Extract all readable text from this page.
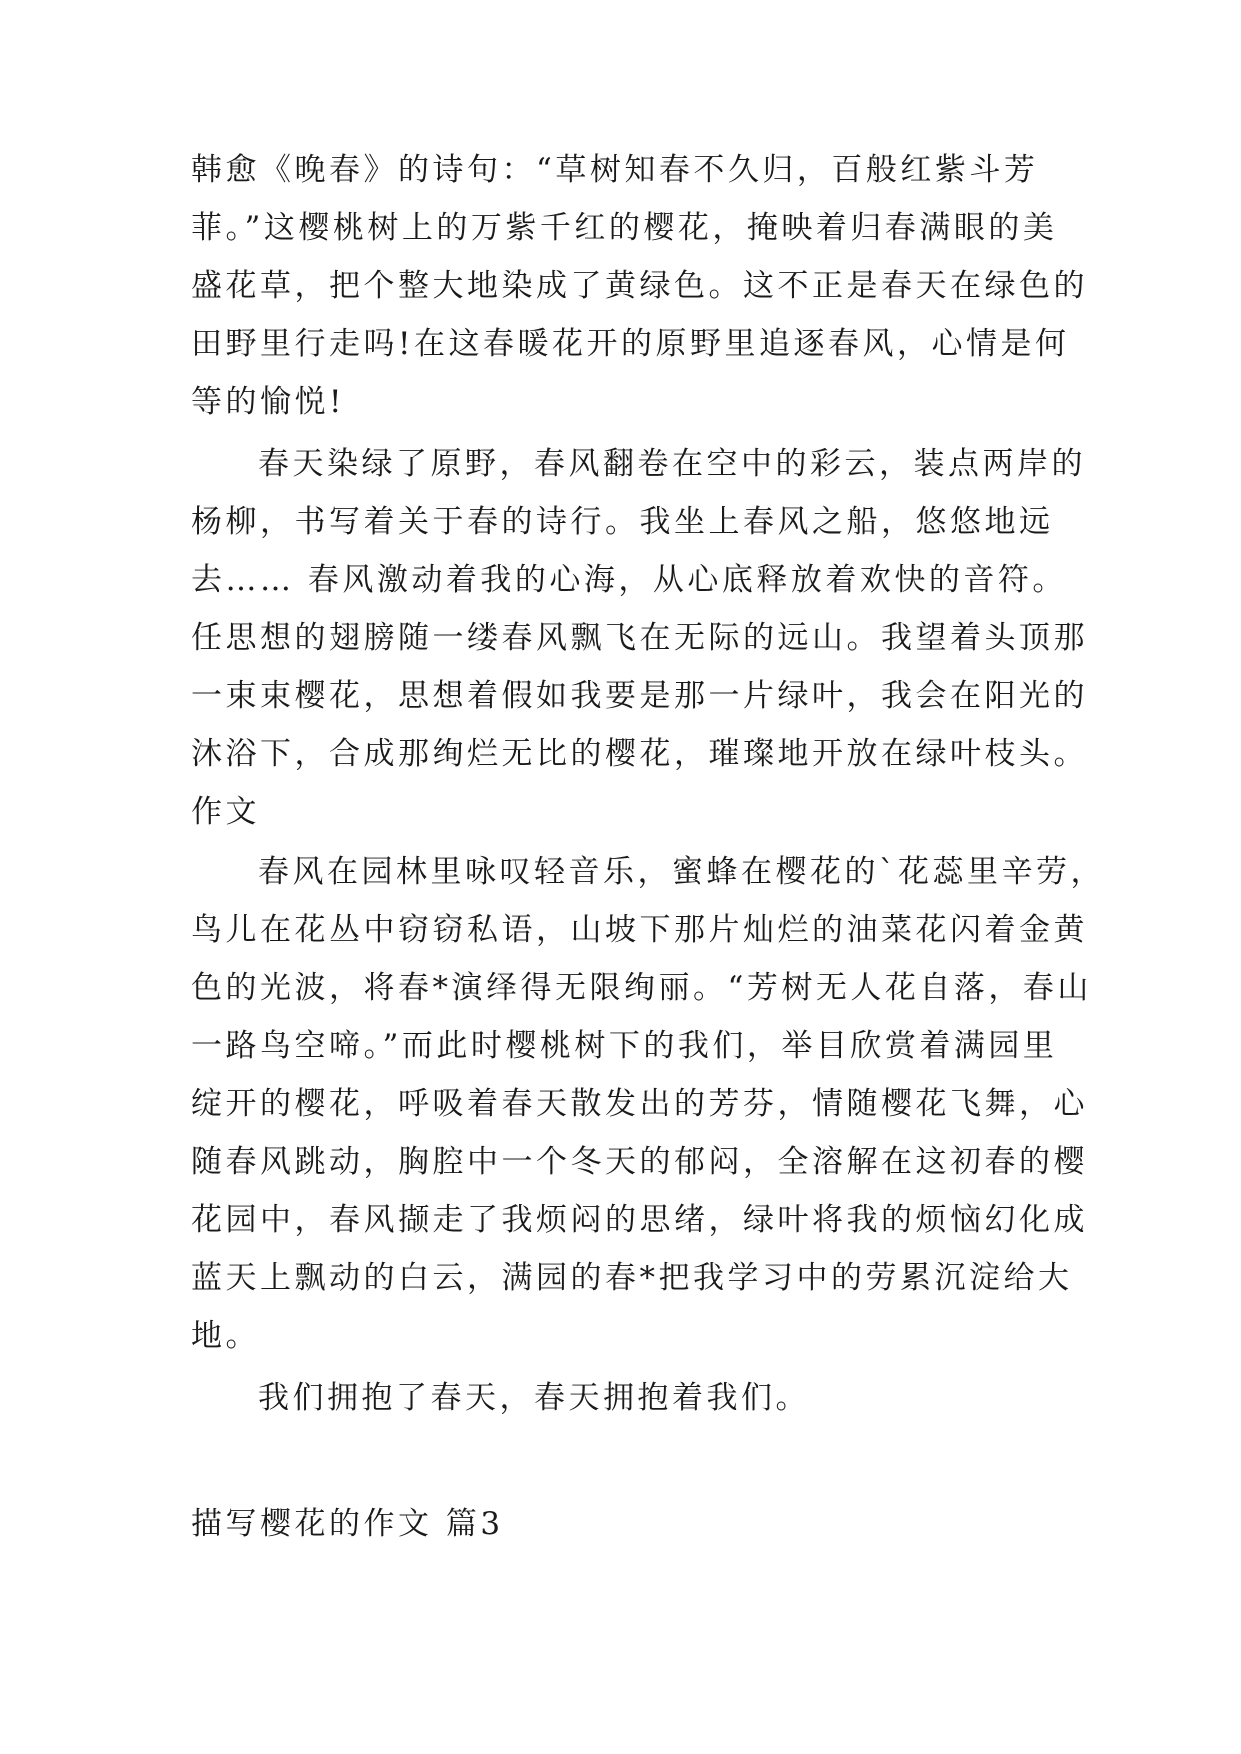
韩愈《晚春》的诗句：“草树知春不久归，百般红紫斗芳

菲。”这樱桃树上的万紫千红的樱花，掩映着归春满眼的美

盛花草，把个整大地染成了黄绿色。这不正是春天在绿色的

田野里行走吗!在这春暖花开的原野里追逐春风，心情是何

等的愉悦!

春天染绿了原野，春风翻卷在空中的彩云，装点两岸的

杨柳，书写着关于春的诗行。我坐上春风之船，悠悠地远

去…… 春风激动着我的心海，从心底释放着欢快的音符。

任思想的翅膀随一缕春风飘飞在无际的远山。我望着头顶那

一束束樱花，思想着假如我要是那一片绿叶，我会在阳光的

沐浴下，合成那绚烂无比的樱花，璀璨地开放在绿叶枝头。

作文

春风在园林里咏叹轻音乐，蜜蜂在樱花的`花蕊里辛劳，

鸟儿在花丛中窃窃私语，山坡下那片灿烂的油菜花闪着金黄

色的光波，将春*演绎得无限绚丽。“芳树无人花自落，春山

一路鸟空啼。”而此时樱桃树下的我们，举目欣赏着满园里

绽开的樱花，呼吸着春天散发出的芳芬，情随樱花飞舞，心

随春风跳动，胸腔中一个冬天的郁闷，全溶解在这初春的樱

花园中，春风撷走了我烦闷的思绪，绿叶将我的烦恼幻化成

蓝天上飘动的白云，满园的春*把我学习中的劳累沉淀给大

地。

我们拥抱了春天，春天拥抱着我们。

描写樱花的作文 篇3
